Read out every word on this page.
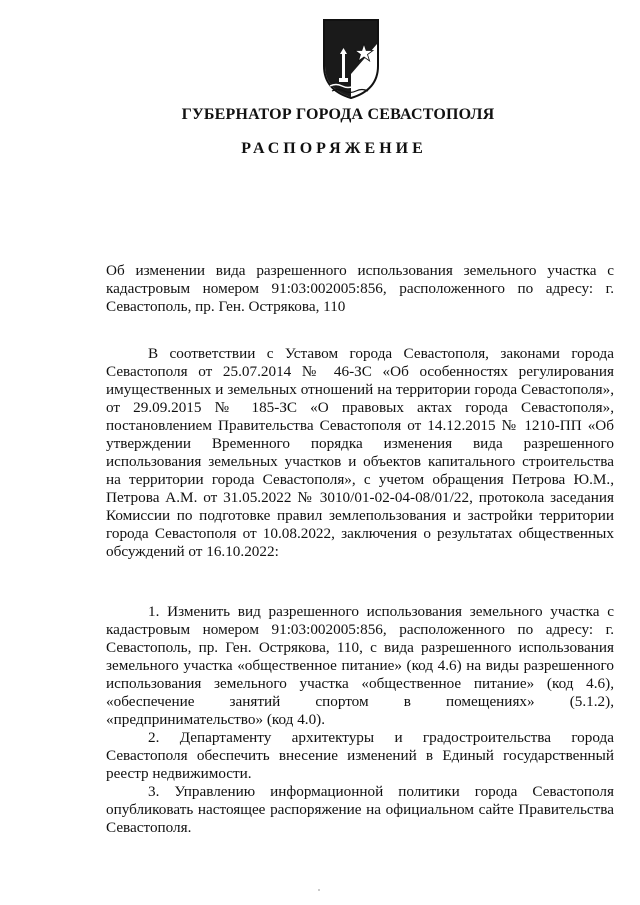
ГУБЕРНАТОР ГОРОДА СЕВАСТОПОЛЯ
РАСПОРЯЖЕНИЕ

Об изменении вида разрешенного использования земельного участка с кадастровым номером 91:03:002005:856, расположенного по адресу: г. Севастополь, пр. Ген. Острякова, 110

В соответствии с Уставом города Севастополя, законами города Севастополя от 25.07.2014 № 46-ЗС «Об особенностях регулирования имущественных и земельных отношений на территории города Севастополя», от 29.09.2015 № 185-ЗС «О правовых актах города Севастополя», постановлением Правительства Севастополя от 14.12.2015 № 1210-ПП «Об утверждении Временного порядка изменения вида разрешенного использования земельных участков и объектов капитального строительства на территории города Севастополя», с учетом обращения Петрова Ю.М., Петрова А.М. от 31.05.2022 № 3010/01-02-04-08/01/22, протокола заседания Комиссии по подготовке правил землепользования и застройки территории города Севастополя от 10.08.2022, заключения о результатах общественных обсуждений от 16.10.2022:

1. Изменить вид разрешенного использования земельного участка с кадастровым номером 91:03:002005:856, расположенного по адресу: г. Севастополь, пр. Ген. Острякова, 110, с вида разрешенного использования земельного участка «общественное питание» (код 4.6) на виды разрешенного использования земельного участка «общественное питание» (код 4.6), «обеспечение занятий спортом в помещениях» (5.1.2), «предпринимательство» (код 4.0).

2. Департаменту архитектуры и градостроительства города Севастополя обеспечить внесение изменений в Единый государственный реестр недвижимости.

3. Управлению информационной политики города Севастополя опубликовать настоящее распоряжение на официальном сайте Правительства Севастополя.
